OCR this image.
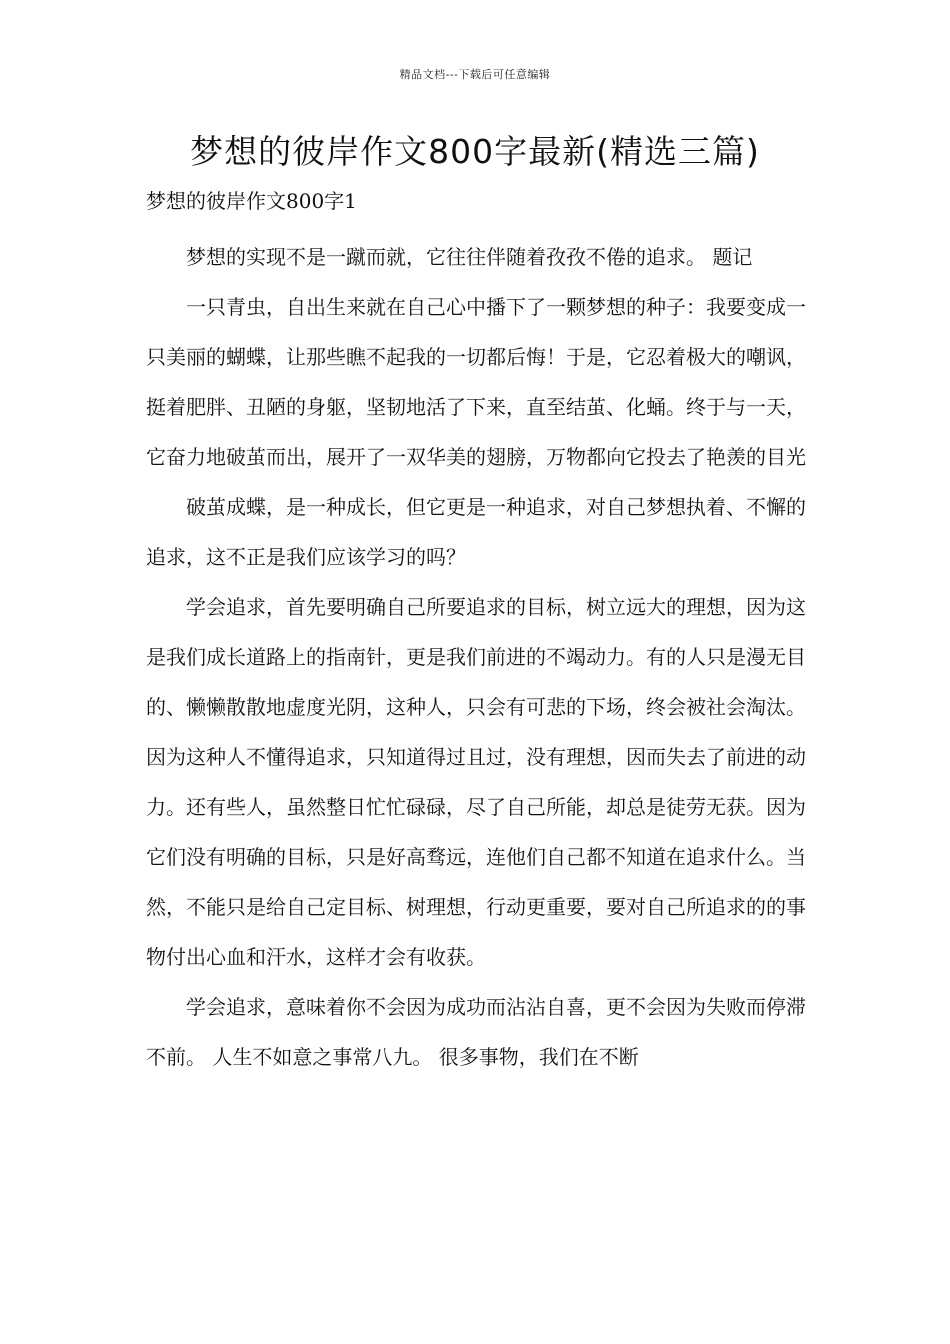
精品文档---下载后可任意编辑
梦想的彼岸作文800字最新(精选三篇)
梦想的彼岸作文800字1

梦想的实现不是一蹴而就，它往往伴随着孜孜不倦的追求。 题记

一只青虫，自出生来就在自己心中播下了一颗梦想的种子：我要变成一只美丽的蝴蝶，让那些瞧不起我的一切都后悔！于是，它忍着极大的嘲讽，挺着肥胖、丑陋的身躯，坚韧地活了下来，直至结茧、化蛹。终于与一天，它奋力地破茧而出，展开了一双华美的翅膀，万物都向它投去了艳羡的目光

破茧成蝶，是一种成长，但它更是一种追求，对自己梦想执着、不懈的追求，这不正是我们应该学习的吗？

学会追求，首先要明确自己所要追求的目标，树立远大的理想，因为这是我们成长道路上的指南针，更是我们前进的不竭动力。有的人只是漫无目的、懒懒散散地虚度光阴，这种人，只会有可悲的下场，终会被社会淘汰。因为这种人不懂得追求，只知道得过且过，没有理想，因而失去了前进的动力。还有些人，虽然整日忙忙碌碌，尽了自己所能，却总是徒劳无获。因为它们没有明确的目标，只是好高骛远，连他们自己都不知道在追求什么。当然，不能只是给自己定目标、树理想，行动更重要，要对自己所追求的的事物付出心血和汗水，这样才会有收获。

学会追求，意味着你不会因为成功而沾沾自喜，更不会因为失败而停滞不前。 人生不如意之事常八九。 很多事物，我们在不断
